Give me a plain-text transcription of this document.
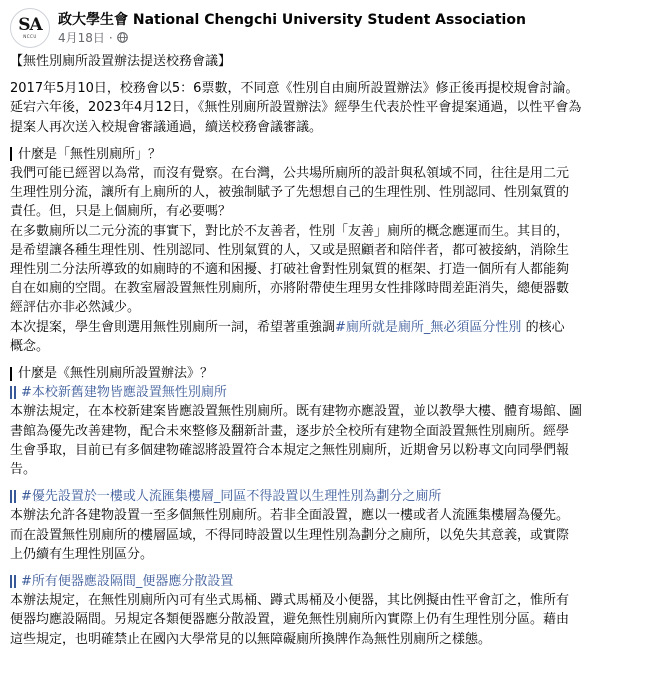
SA
NCCU
政大學生會 National Chengchi University Student Association
4月18日 ·

【無性別廁所設置辦法提送校務會議】

2017年5月10日，校務會以5：6票數，不同意《性別自由廁所設置辦法》修正後再提校規會討論。

延宕六年後，2023年4月12日，《無性別廁所設置辦法》經學生代表於性平會提案通過，以性平會為

提案人再次送入校規會審議通過，續送校務會議審議。

什麼是「無性別廁所」？

我們可能已經習以為常，而沒有覺察。在台灣，公共場所廁所的設計與私領域不同，往往是用二元

生理性別分流，讓所有上廁所的人，被強制賦予了先想想自己的生理性別、性別認同、性別氣質的

責任。但，只是上個廁所，有必要嗎？

在多數廁所以二元分流的事實下，對比於不友善者，性別「友善」廁所的概念應運而生。其目的，

是希望讓各種生理性別、性別認同、性別氣質的人，又或是照顧者和陪伴者，都可被接納，消除生

理性別二分法所導致的如廁時的不適和困擾、打破社會對性別氣質的框架、打造一個所有人都能夠

自在如廁的空間。在教室層設置無性別廁所，亦將附帶使生理男女性排隊時間差距消失，總便器數

經評估亦非必然減少。

本次提案，學生會則選用無性別廁所一詞，希望著重強調#廁所就是廁所_無必須區分性別 的核心

概念。

什麼是《無性別廁所設置辦法》？
#本校新舊建物皆應設置無性別廁所

本辦法規定，在本校新建案皆應設置無性別廁所。既有建物亦應設置，並以教學大樓、體育場館、圖

書館為優先改善建物，配合未來整修及翻新計畫，逐步於全校所有建物全面設置無性別廁所。經學

生會爭取，目前已有多個建物確認將設置符合本規定之無性別廁所，近期會另以粉專文向同學們報

告。

#優先設置於一樓或人流匯集樓層_同區不得設置以生理性別為劃分之廁所

本辦法允許各建物設置一至多個無性別廁所。若非全面設置，應以一樓或者人流匯集樓層為優先。

而在設置無性別廁所的樓層區域，不得同時設置以生理性別為劃分之廁所，以免失其意義，或實際

上仍續有生理性別區分。

#所有便器應設隔間_便器應分散設置

本辦法規定，在無性別廁所內可有坐式馬桶、蹲式馬桶及小便器，其比例擬由性平會訂之，惟所有

便器均應設隔間。另規定各類便器應分散設置，避免無性別廁所內實際上仍有生理性別分區。藉由

這些規定，也明確禁止在國內大學常見的以無障礙廁所換牌作為無性別廁所之樣態。
